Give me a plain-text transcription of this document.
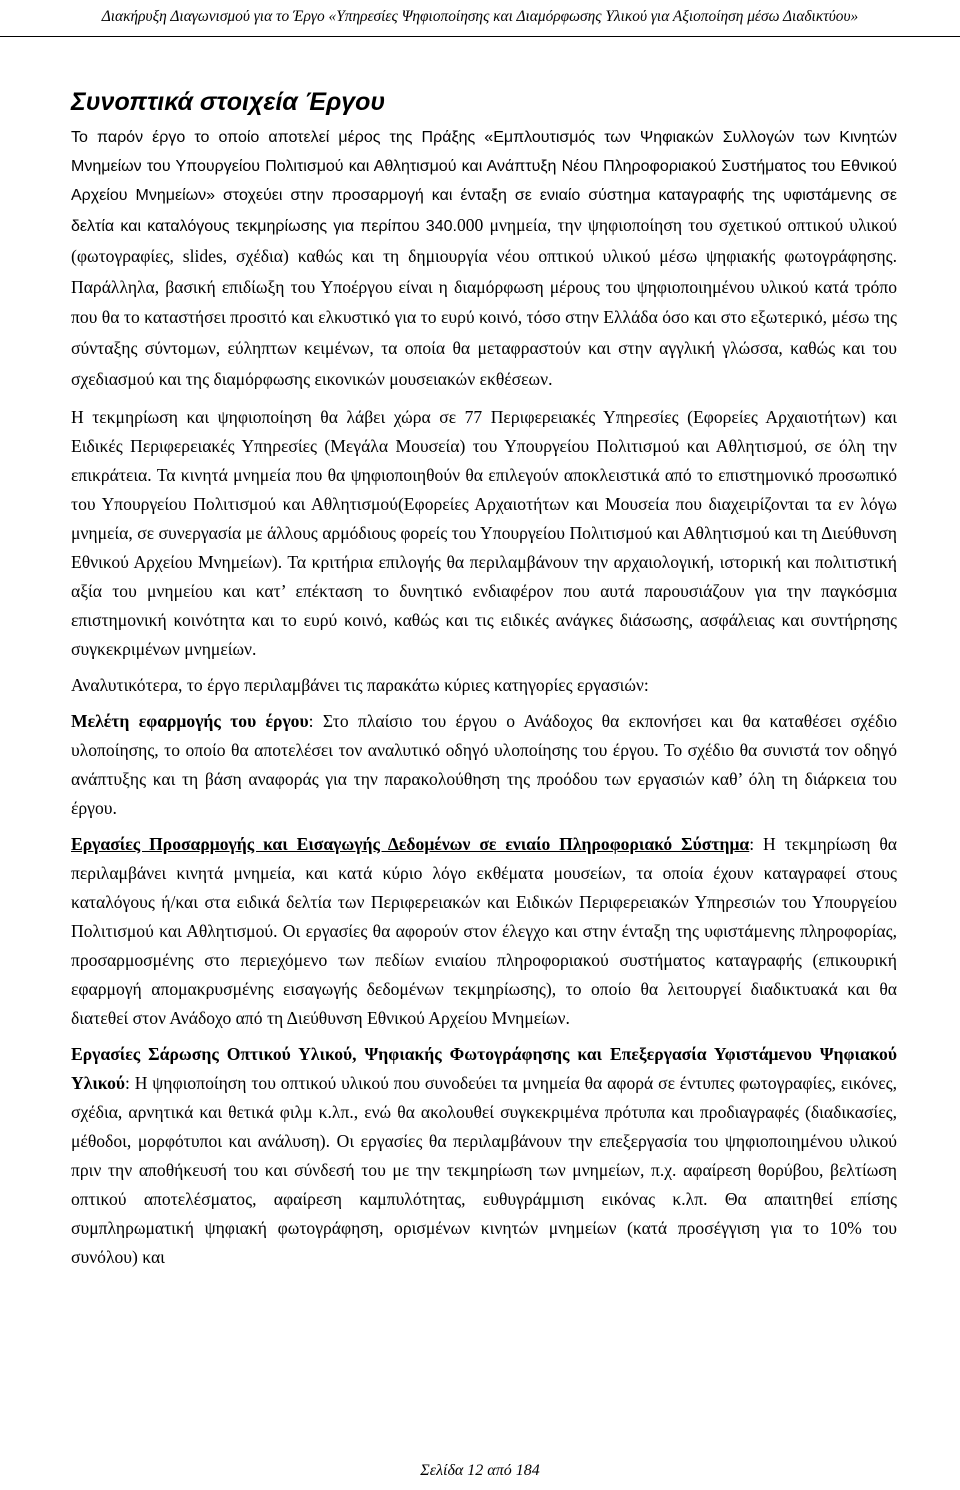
Διακήρυξη Διαγωνισμού για το Έργο «Υπηρεσίες Ψηφιοποίησης και Διαμόρφωσης Υλικού για Αξιοποίηση μέσω Διαδικτύου»
Συνοπτικά στοιχεία Έργου

Το παρόν έργο το οποίο αποτελεί μέρος της Πράξης «Εμπλουτισμός των Ψηφιακών Συλλογών των Κινητών Μνημείων του Υπουργείου Πολιτισμού και Αθλητισμού και Ανάπτυξη Νέου Πληροφοριακού Συστήματος του Εθνικού Αρχείου Μνημείων» στοχεύει στην προσαρμογή και ένταξη σε ενιαίο σύστημα καταγραφής της υφιστάμενης σε δελτία και καταλόγους τεκμηρίωσης για περίπου 340.000 μνημεία, την ψηφιοποίηση του σχετικού οπτικού υλικού (φωτογραφίες, slides, σχέδια) καθώς και τη δημιουργία νέου οπτικού υλικού μέσω ψηφιακής φωτογράφησης. Παράλληλα, βασική επιδίωξη του Υποέργου είναι η διαμόρφωση μέρους του ψηφιοποιημένου υλικού κατά τρόπο που θα το καταστήσει προσιτό και ελκυστικό για το ευρύ κοινό, τόσο στην Ελλάδα όσο και στο εξωτερικό, μέσω της σύνταξης σύντομων, εύληπτων κειμένων, τα οποία θα μεταφραστούν και στην αγγλική γλώσσα, καθώς και του σχεδιασμού και της διαμόρφωσης εικονικών μουσειακών εκθέσεων.

Η τεκμηρίωση και ψηφιοποίηση θα λάβει χώρα σε 77 Περιφερειακές Υπηρεσίες (Εφορείες Αρχαιοτήτων) και Ειδικές Περιφερειακές Υπηρεσίες (Μεγάλα Μουσεία) του Υπουργείου Πολιτισμού και Αθλητισμού, σε όλη την επικράτεια. Τα κινητά μνημεία που θα ψηφιοποιηθούν θα επιλεγούν αποκλειστικά από το επιστημονικό προσωπικό του Υπουργείου Πολιτισμού και Αθλητισμού(Εφορείες Αρχαιοτήτων και Μουσεία που διαχειρίζονται τα εν λόγω μνημεία, σε συνεργασία με άλλους αρμόδιους φορείς του Υπουργείου Πολιτισμού και Αθλητισμού και τη Διεύθυνση Εθνικού Αρχείου Μνημείων). Τα κριτήρια επιλογής θα περιλαμβάνουν την αρχαιολογική, ιστορική και πολιτιστική αξία του μνημείου και κατ’ επέκταση το δυνητικό ενδιαφέρον που αυτά παρουσιάζουν για την παγκόσμια επιστημονική κοινότητα και το ευρύ κοινό, καθώς και τις ειδικές ανάγκες διάσωσης, ασφάλειας και συντήρησης συγκεκριμένων μνημείων.

Αναλυτικότερα, το έργο περιλαμβάνει τις παρακάτω κύριες κατηγορίες εργασιών:

Μελέτη εφαρμογής του έργου: Στο πλαίσιο του έργου ο Ανάδοχος θα εκπονήσει και θα καταθέσει σχέδιο υλοποίησης, το οποίο θα αποτελέσει τον αναλυτικό οδηγό υλοποίησης του έργου. Το σχέδιο θα συνιστά τον οδηγό ανάπτυξης και τη βάση αναφοράς για την παρακολούθηση της προόδου των εργασιών καθ’ όλη τη διάρκεια του έργου.

Εργασίες Προσαρμογής και Εισαγωγής Δεδομένων σε ενιαίο Πληροφοριακό Σύστημα: Η τεκμηρίωση θα περιλαμβάνει κινητά μνημεία, και κατά κύριο λόγο εκθέματα μουσείων, τα οποία έχουν καταγραφεί στους καταλόγους ή/και στα ειδικά δελτία των Περιφερειακών και Ειδικών Περιφερειακών Υπηρεσιών του Υπουργείου Πολιτισμού και Αθλητισμού. Οι εργασίες θα αφορούν στον έλεγχο και στην ένταξη της υφιστάμενης πληροφορίας, προσαρμοσμένης στο περιεχόμενο των πεδίων ενιαίου πληροφοριακού συστήματος καταγραφής (επικουρική εφαρμογή απομακρυσμένης εισαγωγής δεδομένων τεκμηρίωσης), το οποίο θα λειτουργεί διαδικτυακά και θα διατεθεί στον Ανάδοχο από τη Διεύθυνση Εθνικού Αρχείου Μνημείων.

Εργασίες Σάρωσης Οπτικού Υλικού, Ψηφιακής Φωτογράφησης και Επεξεργασία Υφιστάμενου Ψηφιακού Υλικού: Η ψηφιοποίηση του οπτικού υλικού που συνοδεύει τα μνημεία θα αφορά σε έντυπες φωτογραφίες, εικόνες, σχέδια, αρνητικά και θετικά φιλμ κ.λπ., ενώ θα ακολουθεί συγκεκριμένα πρότυπα και προδιαγραφές (διαδικασίες, μέθοδοι, μορφότυποι και ανάλυση). Οι εργασίες θα περιλαμβάνουν την επεξεργασία του ψηφιοποιημένου υλικού πριν την αποθήκευσή του και σύνδεσή του με την τεκμηρίωση των μνημείων, π.χ. αφαίρεση θορύβου, βελτίωση οπτικού αποτελέσματος, αφαίρεση καμπυλότητας, ευθυγράμμιση εικόνας κ.λπ. Θα απαιτηθεί επίσης συμπληρωματική ψηφιακή φωτογράφηση, ορισμένων κινητών μνημείων (κατά προσέγγιση για το 10% του συνόλου) και

Σελίδα 12 από 184
